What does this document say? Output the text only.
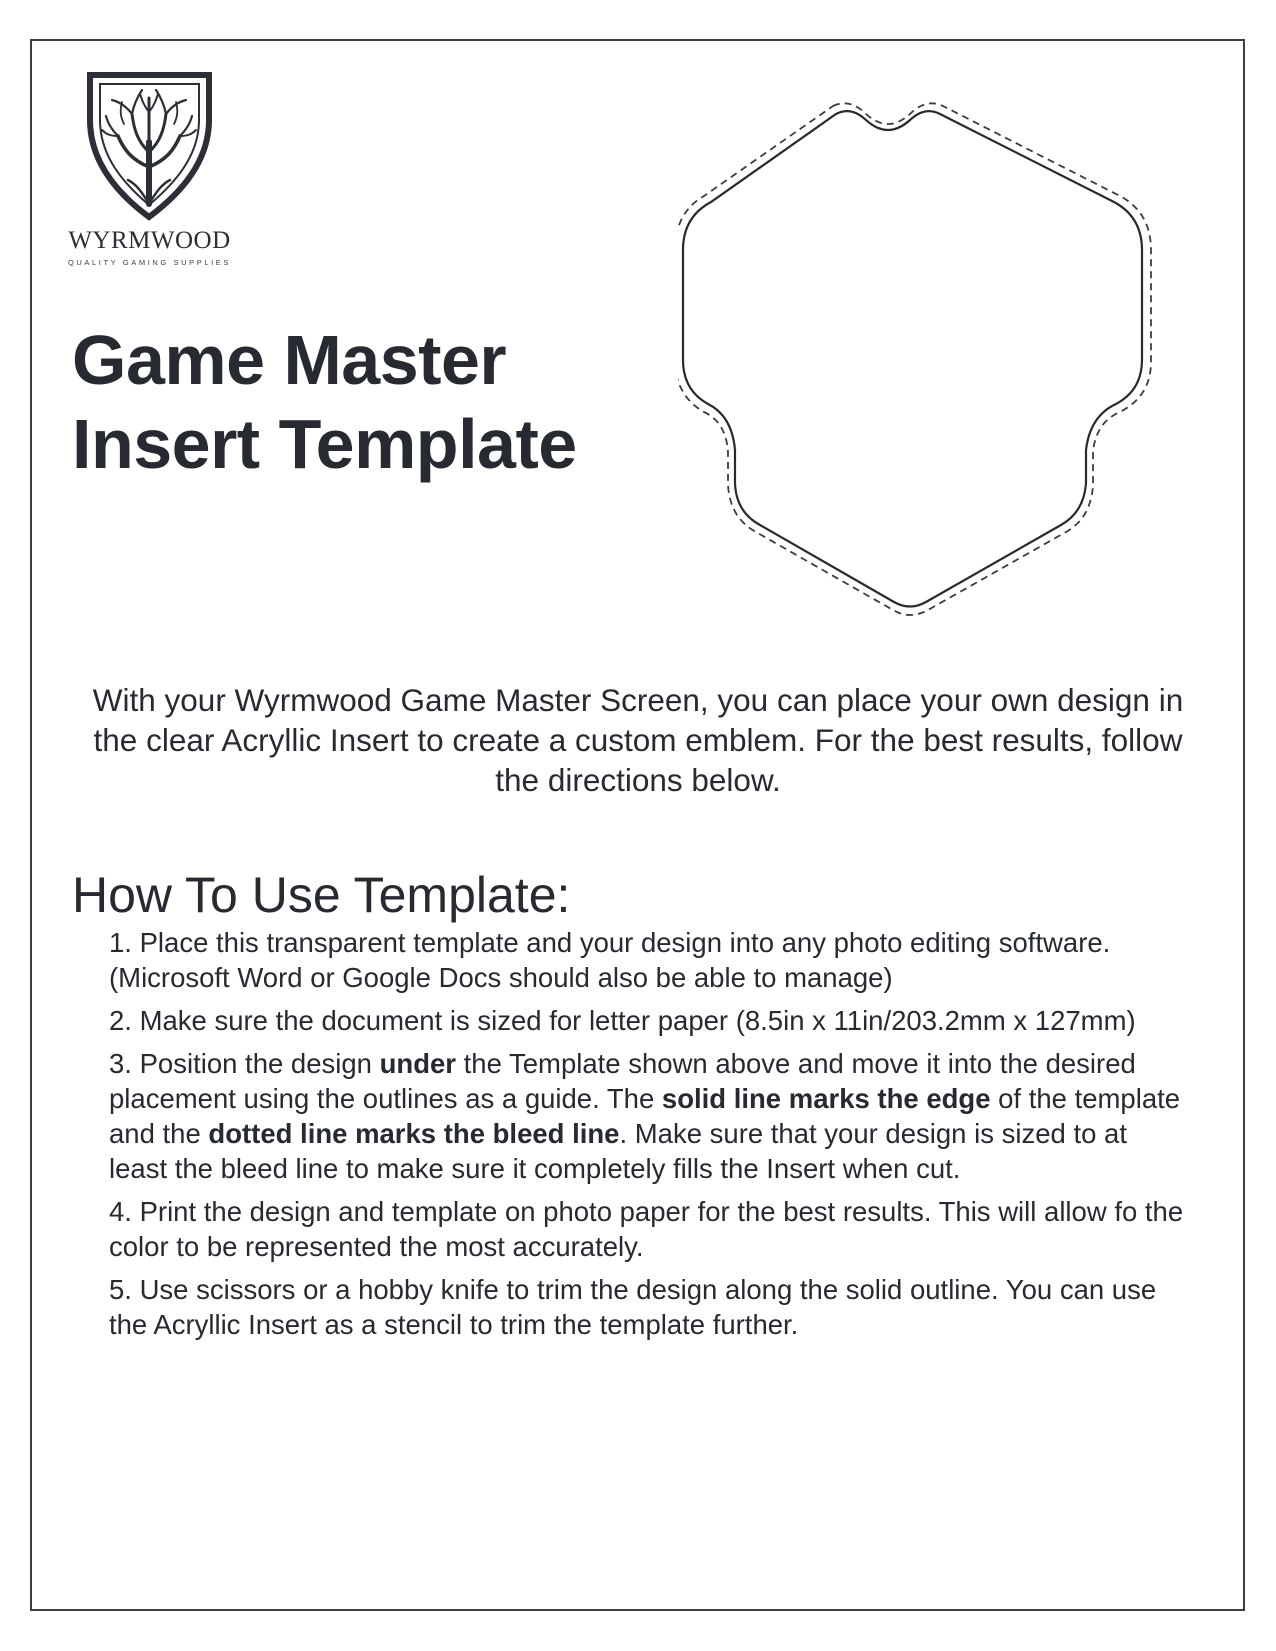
WYRMWOOD
QUALITY GAMING SUPPLIES
Game Master
Insert Template

With your Wyrmwood Game Master Screen, you can place your own design in the clear Acryllic Insert to create a custom emblem. For the best results, follow the directions below.

How To Use Template:
1. Place this transparent template and your design into any photo editing software. (Microsoft Word or Google Docs should also be able to manage)
2. Make sure the document is sized for letter paper (8.5in x 11in/203.2mm x 127mm)
3. Position the design under the Template shown above and move it into the desired placement using the outlines as a guide. The solid line marks the edge of the template and the dotted line marks the bleed line. Make sure that your design is sized to at least the bleed line to make sure it completely fills the Insert when cut.
4. Print the design and template on photo paper for the best results. This will allow fo the color to be represented the most accurately.
5. Use scissors or a hobby knife to trim the design along the solid outline. You can use the Acryllic Insert as a stencil to trim the template further.
